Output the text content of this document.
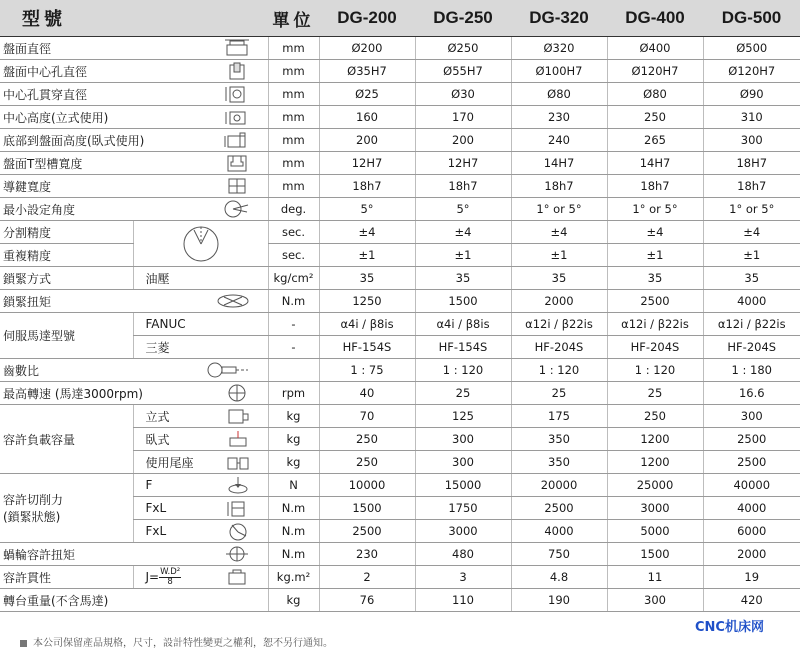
型號		單位	DG-200	DG-250	DG-320	DG-400	DG-500

盤面直徑		mm	Ø200	Ø250	Ø320	Ø400	Ø500

盤面中心孔直徑		mm	Ø35H7	Ø55H7	Ø100H7	Ø120H7	Ø120H7

中心孔貫穿直徑		mm	Ø25	Ø30	Ø80	Ø80	Ø90

中心高度(立式使用)		mm	160	170	230	250	310

底部到盤面高度(臥式使用)		mm	200	200	240	265	300

盤面T型槽寬度		mm	12H7	12H7	14H7	14H7	18H7

導鍵寬度		mm	18h7	18h7	18h7	18h7	18h7

最小設定角度		deg.	5°	5°	1° or 5°	1° or 5°	1° or 5°
分割精度		sec.	±4	±4	±4	±4	±4
重複精度		sec.	±1	±1	±1	±1	±1
鎖緊方式	油壓	kg/cm²	35	35	35	35	35

鎖緊扭矩		N.m	1250	1500	2000	2500	4000
伺服馬達型號	FANUC	-	α4i / β8is	α4i / β8is	α12i / β22is	α12i / β22is	α12i / β22is
	三菱	-	HF-154S	HF-154S	HF-204S	HF-204S	HF-204S

齒數比			1 : 75	1 : 120	1 : 120	1 : 120	1 : 180

最高轉速 (馬達3000rpm)		rpm	40	25	25	25	16.6
容許負載容量	立式	kg	70	125	175	250	300

	臥式	kg	250	300	350	1200	2500

	使用尾座	kg	250	300	350	1200	2500
容許切削力
(鎖緊狀態)	F	N	10000	15000	20000	25000	40000

	FxL	N.m	1500	1750	2500	3000	4000

	FxL	N.m	2500	3000	4000	5000	6000

蝸輪容許扭矩		N.m	230	480	750	1500	2000
容許貫性	$J= \frac{\text{W.D²}}{8}$	kg.m²	2	3	4.8	11	19
轉台重量(不含馬達)		kg	76	110	190	300	420
CNC机床网
本公司保留產品規格，尺寸，設計特性變更之權利，恕不另行通知。
